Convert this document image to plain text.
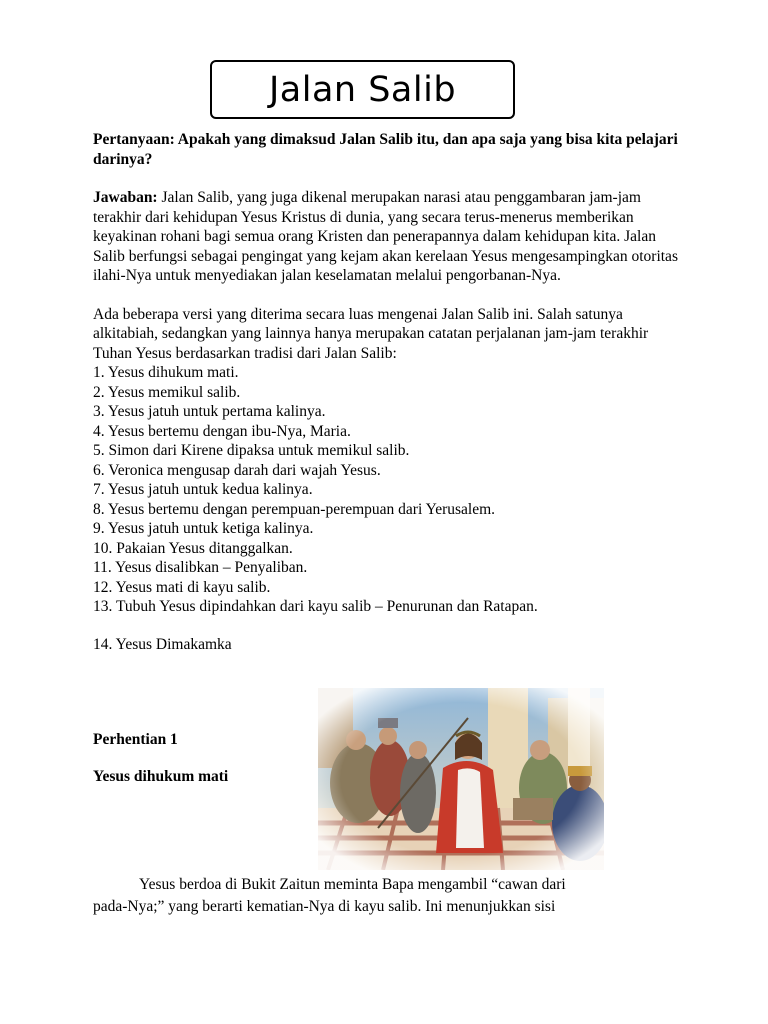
Jalan Salib

Pertanyaan: Apakah yang dimaksud Jalan Salib itu, dan apa saja yang bisa kita pelajari darinya?

Jawaban: Jalan Salib, yang juga dikenal merupakan narasi atau penggambaran jam-jam terakhir dari kehidupan Yesus Kristus di dunia, yang secara terus-menerus memberikan keyakinan rohani bagi semua orang Kristen dan penerapannya dalam kehidupan kita. Jalan Salib berfungsi sebagai pengingat yang kejam akan kerelaan Yesus mengesampingkan otoritas ilahi-Nya untuk menyediakan jalan keselamatan melalui pengorbanan-Nya.

Ada beberapa versi yang diterima secara luas mengenai Jalan Salib ini. Salah satunya alkitabiah, sedangkan yang lainnya hanya merupakan catatan perjalanan jam-jam terakhir Tuhan Yesus berdasarkan tradisi dari Jalan Salib:

1. Yesus dihukum mati.
2. Yesus memikul salib.
3. Yesus jatuh untuk pertama kalinya.
4. Yesus bertemu dengan ibu-Nya, Maria.
5. Simon dari Kirene dipaksa untuk memikul salib.
6. Veronica mengusap darah dari wajah Yesus.
7. Yesus jatuh untuk kedua kalinya.
8. Yesus bertemu dengan perempuan-perempuan dari Yerusalem.
9. Yesus jatuh untuk ketiga kalinya.
10. Pakaian Yesus ditanggalkan.
11. Yesus disalibkan – Penyaliban.
12. Yesus mati di kayu salib.
13. Tubuh Yesus dipindahkan dari kayu salib – Penurunan dan Ratapan.

14. Yesus Dimakamka

Perhentian 1
Yesus dihukum mati
Yesus berdoa di Bukit Zaitun meminta Bapa mengambil “cawan dari
pada-Nya;” yang berarti kematian-Nya di kayu salib. Ini menunjukkan sisi
